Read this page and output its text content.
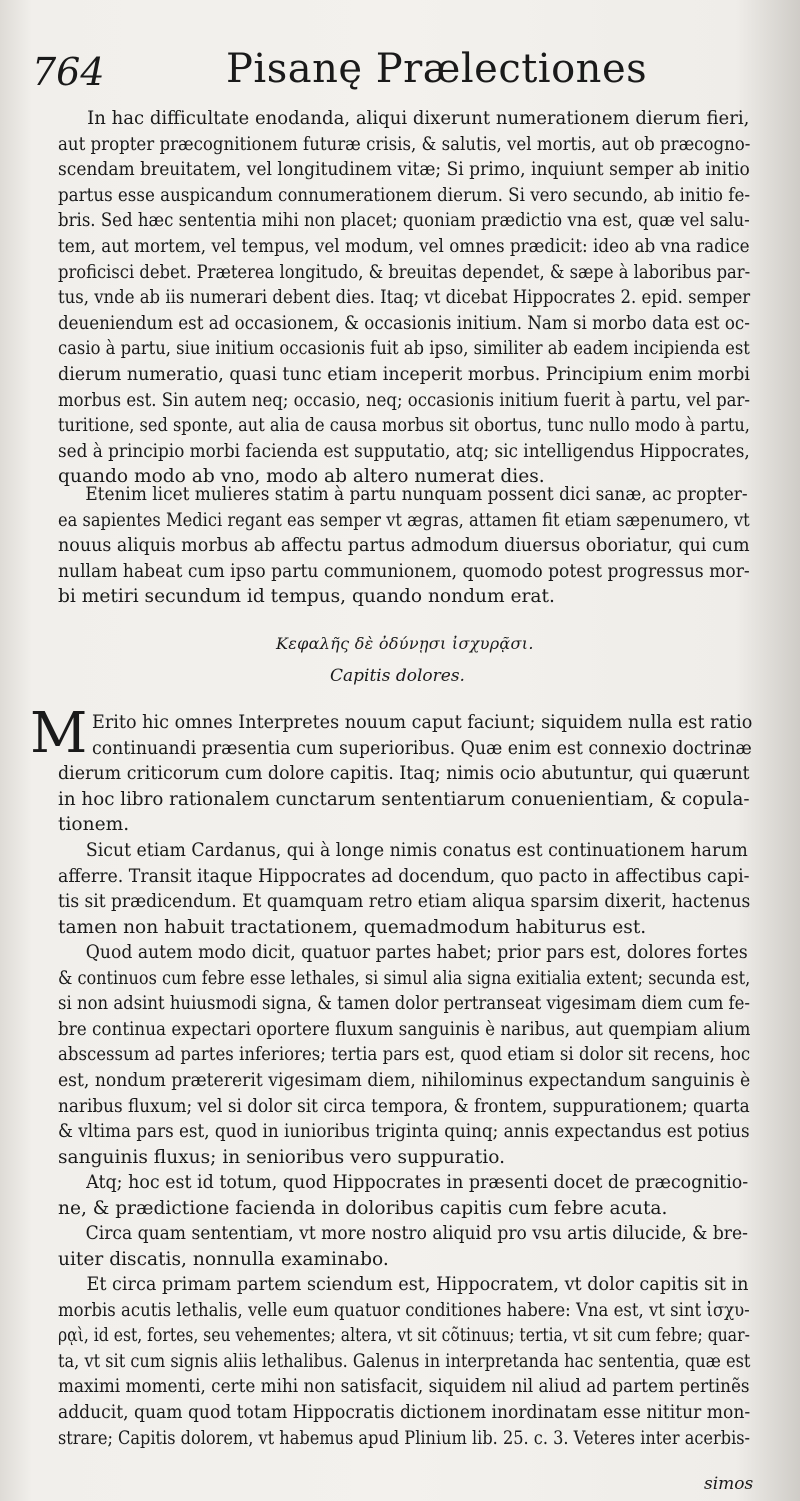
764	Pisanę Prælectiones
In hac difficultate enodanda, aliqui dixerunt numerationem dierum fieri,
aut propter præcognitionem futuræ crisis, & salutis, vel mortis, aut ob præcogno-
scendam breuitatem, vel longitudinem vitæ; Si primo, inquiunt semper ab initio
partus esse auspicandum connumerationem dierum. Si vero secundo, ab initio fe-
bris. Sed hæc sententia mihi non placet; quoniam prædictio vna est, quæ vel salu-
tem, aut mortem, vel tempus, vel modum, vel omnes prædicit: ideo ab vna radice
proficisci debet. Præterea longitudo, & breuitas dependet, & sæpe à laboribus par-
tus, vnde ab iis numerari debent dies. Itaq; vt dicebat Hippocrates 2. epid. semper
deueniendum est ad occasionem, & occasionis initium. Nam si morbo data est oc-
casio à partu, siue initium occasionis fuit ab ipso, similiter ab eadem incipienda est
dierum numeratio, quasi tunc etiam inceperit morbus. Principium enim morbi
morbus est. Sin autem neq; occasio, neq; occasionis initium fuerit à partu, vel par-
turitione, sed sponte, aut alia de causa morbus sit obortus, tunc nullo modo à partu,
sed à principio morbi facienda est supputatio, atq; sic intelligendus Hippocrates,
quando modo ab vno, modo ab altero numerat dies.
Etenim licet mulieres statim à partu nunquam possent dici sanæ, ac propter-
ea sapientes Medici regant eas semper vt ægras, attamen fit etiam sæpenumero, vt
nouus aliquis morbus ab affectu partus admodum diuersus oboriatur, qui cum
nullam habeat cum ipso partu communionem, quomodo potest progressus mor-
bi metiri secundum id tempus, quando nondum erat.
Κεφαλῆς δὲ ὀδύνῃσι ἰσχυρᾷσι.
Capitis dolores.
M Erito hic omnes Interpretes nouum caput faciunt; siquidem nulla est ratio
continuandi præsentia cum superioribus. Quæ enim est connexio doctrinæ
dierum criticorum cum dolore capitis. Itaq; nimis ocio abutuntur, qui quærunt
in hoc libro rationalem cunctarum sententiarum conuenientiam, & copula-
tionem.
Sicut etiam Cardanus, qui à longe nimis conatus est continuationem harum
afferre. Transit itaque Hippocrates ad docendum, quo pacto in affectibus capi-
tis sit prædicendum. Et quamquam retro etiam aliqua sparsim dixerit, hactenus
tamen non habuit tractationem, quemadmodum habiturus est.
Quod autem modo dicit, quatuor partes habet; prior pars est, dolores fortes
& continuos cum febre esse lethales, si simul alia signa exitialia extent; secunda est,
si non adsint huiusmodi signa, & tamen dolor pertranseat vigesimam diem cum fe-
bre continua expectari oportere fluxum sanguinis è naribus, aut quempiam alium
abscessum ad partes inferiores; tertia pars est, quod etiam si dolor sit recens, hoc
est, nondum prætererit vigesimam diem, nihilominus expectandum sanguinis è
naribus fluxum; vel si dolor sit circa tempora, & frontem, suppurationem; quarta
& vltima pars est, quod in iunioribus triginta quinq; annis expectandus est potius
sanguinis fluxus; in senioribus vero suppuratio.
Atq; hoc est id totum, quod Hippocrates in præsenti docet de præcognitio-
ne, & prædictione facienda in doloribus capitis cum febre acuta.
Circa quam sententiam, vt more nostro aliquid pro vsu artis dilucide, & bre-
uiter discatis, nonnulla examinabo.
Et circa primam partem sciendum est, Hippocratem, vt dolor capitis sit in
morbis acutis lethalis, velle eum quatuor conditiones habere: Vna est, vt sint ἰσχυ-
ρᾳὶ, id est, fortes, seu vehementes; altera, vt sit cõtinuus; tertia, vt sit cum febre; quar-
ta, vt sit cum signis aliis lethalibus. Galenus in interpretanda hac sententia, quæ est
maximi momenti, certe mihi non satisfacit, siquidem nil aliud ad partem pertinẽs
adducit, quam quod totam Hippocratis dictionem inordinatam esse nititur mon-
strare; Capitis dolorem, vt habemus apud Plinium lib. 25. c. 3. Veteres inter acerbis-
simos
